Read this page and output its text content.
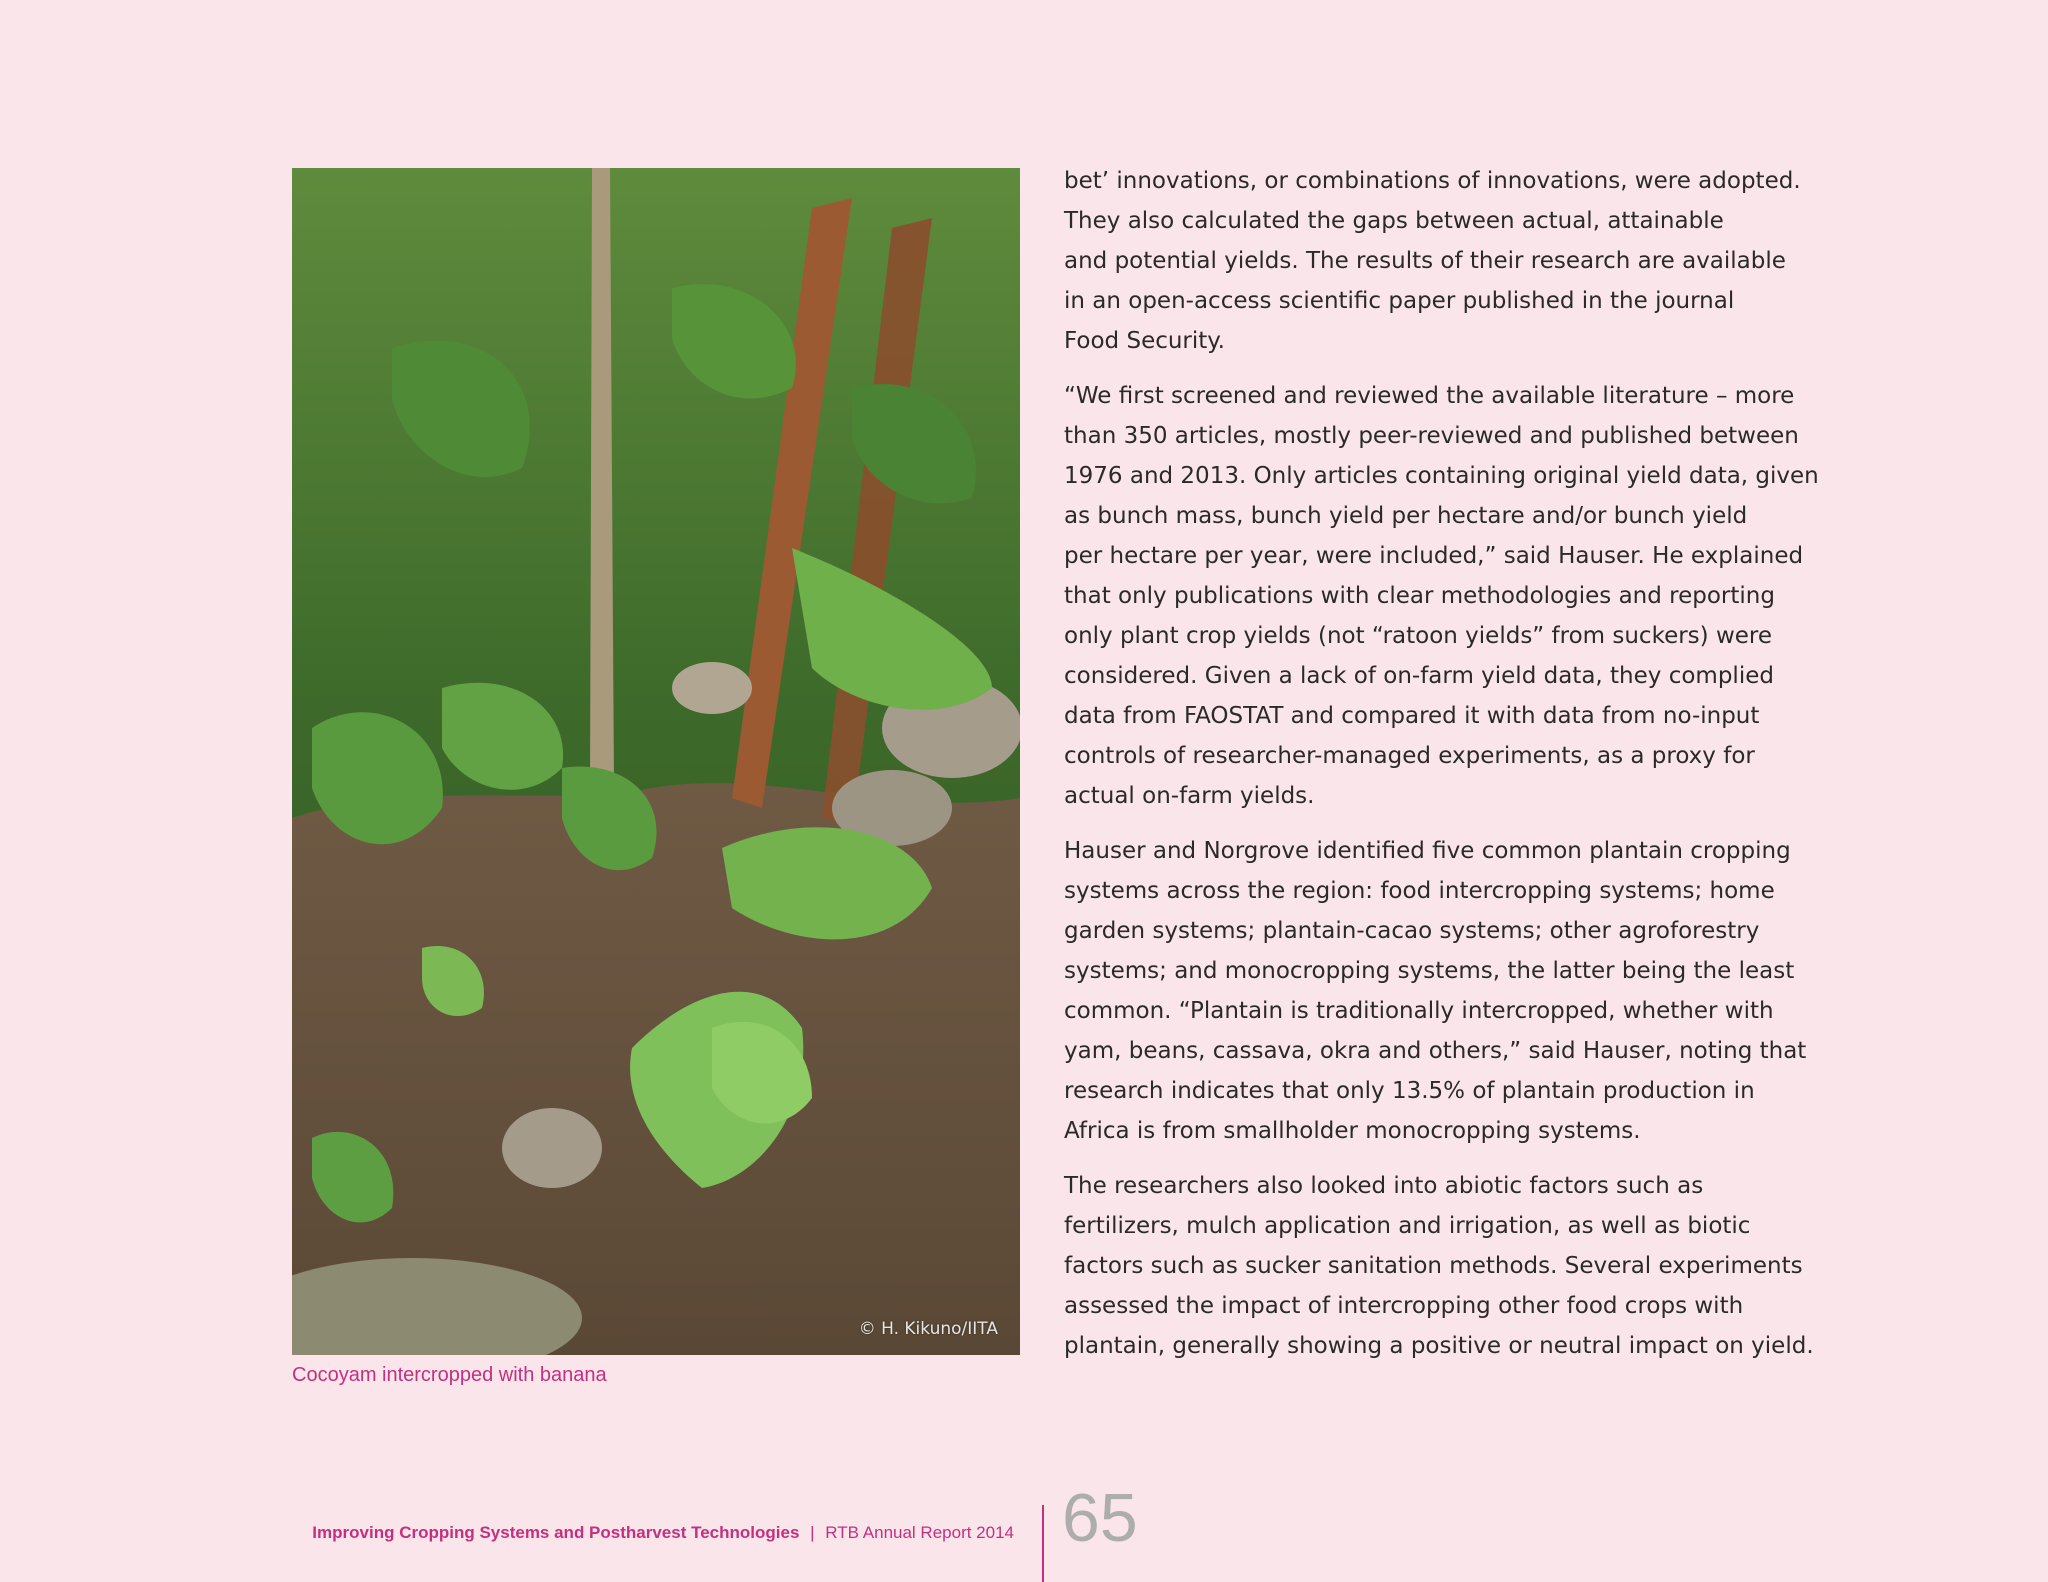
© H. Kikuno/IITA
Cocoyam intercropped with banana
bet’ innovations, or combinations of innovations, were adopted.
They also calculated the gaps between actual, attainable
and potential yields. The results of their research are available
in an open-access scientific paper published in the journal
Food Security.
“We first screened and reviewed the available literature – more
than 350 articles, mostly peer-reviewed and published between
1976 and 2013. Only articles containing original yield data, given
as bunch mass, bunch yield per hectare and/or bunch yield
per hectare per year, were included,” said Hauser. He explained
that only publications with clear methodologies and reporting
only plant crop yields (not “ratoon yields” from suckers) were
considered. Given a lack of on-farm yield data, they complied
data from FAOSTAT and compared it with data from no-input
controls of researcher-managed experiments, as a proxy for
actual on-farm yields.
Hauser and Norgrove identified five common plantain cropping
systems across the region: food intercropping systems; home
garden systems; plantain-cacao systems; other agroforestry
systems; and monocropping systems, the latter being the least
common. “Plantain is traditionally intercropped, whether with
yam, beans, cassava, okra and others,” said Hauser, noting that
research indicates that only 13.5% of plantain production in
Africa is from smallholder monocropping systems.
The researchers also looked into abiotic factors such as
fertilizers, mulch application and irrigation, as well as biotic
factors such as sucker sanitation methods. Several experiments
assessed the impact of intercropping other food crops with
plantain, generally showing a positive or neutral impact on yield.
Improving Cropping Systems and Postharvest Technologies | RTB Annual Report 2014 65
